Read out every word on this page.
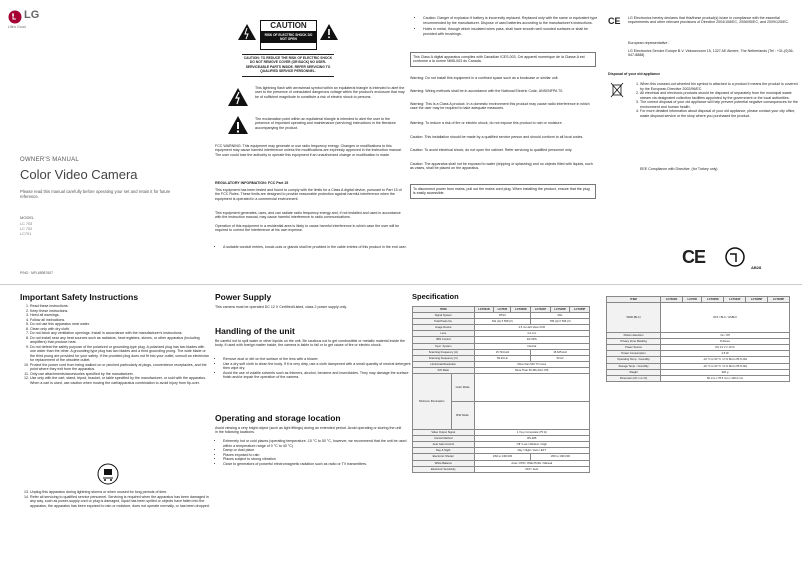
LG
Life's Good
OWNER'S MANUAL
Color Video Camera
Please read this manual carefully before operating your set and retain it for future reference.
MODEL
LC 703
LC 702
LC701
P/NO : MFL68987607
CAUTION
RISK OF ELECTRIC SHOCK DO NOT OPEN
CAUTION: TO REDUCE THE RISK OF ELECTRIC SHOCK DO NOT REMOVE COVER (OR BACK) NO USER-SERVICEABLE PARTS INSIDE. REFER SERVICING TO QUALIFIED SERVICE PERSONNEL.
This lightning flash with arrowhead symbol within an equilateral triangle is intended to alert the user to the presence of uninsulated dangerous voltage within the product's enclosure that may be of sufficient magnitude to constitute a risk of electric shock to persons.
The exclamation point within an equilateral triangle is intended to alert the user to the presence of important operating and maintenance (servicing) instructions in the literature accompanying the product.
FCC WARNING: This equipment may generate or use radio frequency energy. Changes or modifications to this equipment may cause harmful interference unless the modifications are expressly approved in the instruction manual. The user could lose the authority to operate this equipment if an unauthorized change or modification is made.
REGULATORY INFORMATION: FCC Part 15
This equipment has been tested and found to comply with the limits for a Class A digital device, pursuant to Part 15 of the FCC Rules. These limits are designed to provide reasonable protection against harmful interference when the equipment is operated in a commercial environment.
This equipment generates, uses, and can radiate radio frequency energy and, if not installed and used in accordance with the instruction manual, may cause harmful interference to radio communications.
Operation of this equipment in a residential area is likely to cause harmful interference in which case the user will be required to correct the interference at his own expense.
• A suitable conduit entries, knock-outs or glands shall be provided in the cable entries of this product in the end user.
• Caution: Danger of explosion if battery is incorrectly replaced. Replaced only with the same or equivalent type recommended by the manufacturer. Dispose of used batteries according to the manufacturer's instructions.
• Holes in metal, through which insulated wires pass, shall have smooth well rounded surfaces or shall be provided with brushings.
This Class A digital apparatus complies with Canadian ICES-003. Cet appareil numerique de la Classe A est conforme a la norme NMB-003 du Canada.
Warning: Do not install this equipment in a confined space such as a bookcase or similar unit.
Warning: Wiring methods shall be in accordance with the National Electric Code, ANSI/NFPA 70.
Warning: This is a Class A product. In a domestic environment this product may cause radio interference in which case the user may be required to take adequate measures.
Warning: To reduce a risk of fire or electric shock, do not expose this product to rain or moisture.
Caution: This installation should be made by a qualified service person and should conform to all local codes.
Caution: To avoid electrical shock, do not open the cabinet. Refer servicing to qualified personnel only.
Caution: The apparatus shall not be exposed to water (dripping or splashing) and no objects filled with liquids, such as vases, shall be placed on the apparatus.
To disconnect power from mains, pull out the mains cord plug. When installing the product, ensure that the plug is easily accessible.
CE LG Electronics hereby declares that this/these product(s) is/are in compliance with the essential requirements and other relevant provisions of Directive 2004/108/EC, 2006/95/EC, and 2009/125/EC.
European representative :
LG Electronics Service Europe B.V. Veluwezoom 15, 1327 AE Almere, The Netherlands (Tel : +31-(0)36-547-8888)
Disposal of your old appliance
1. When this crossed-out wheeled bin symbol is attached to a product it means the product is covered by the European Directive 2002/96/EC.
2. All electrical and electronic products should be disposed of separately from the municipal waste stream via designated collection facilities appointed by the government or the local authorities.
3. The correct disposal of your old appliance will help prevent potential negative consequences for the environment and human health.
4. For more detailed information about disposal of your old appliance, please contact your city office, waste disposal service or the shop where you purchased the product.
EEE Compliance with Directive. (for Turkey only)
CE
AB28
Important Safety Instructions
1. Read these instructions.
2. Keep these instructions.
3. Heed all warnings.
4. Follow all instructions.
5. Do not use this apparatus near water.
6. Clean only with dry cloth.
7. Do not block any ventilation openings. Install in accordance with the manufacturer's instructions.
8. Do not install near any heat sources such as radiators, heat registers, stoves, or other apparatus (including amplifiers) that produce heat.
9. Do not defeat the safety purpose of the polarized or grounding-type plug. A polarized plug has two blades with one wider than the other. A grounding type plug has two blades and a third grounding prong. The wide blade or the third prong are provided for your safety. If the provided plug does not fit into your outlet, consult an electrician for replacement of the obsolete outlet.
10. Protect the power cord from being walked on or pinched particularly at plugs, convenience receptacles, and the point where they exit from the apparatus.
11. Only use attachments/accessories specified by the manufacturer.
12. Use only with the cart, stand, tripod, bracket, or table specified by the manufacturer, or sold with the apparatus. When a cart is used, use caution when moving the cart/apparatus combination to avoid injury from tip-over.
13. Unplug this apparatus during lightning storms or when unused for long periods of time.
14. Refer all servicing to qualified service personnel. Servicing is required when the apparatus has been damaged in any way, such as power-supply cord or plug is damaged, liquid has been spilled or objects have fallen into the apparatus, the apparatus has been exposed to rain or moisture, does not operate normally, or has been dropped.
Power Supply
This camera must be operated DC 12 V Certified/Listed, class 2 power supply only.
Handling of the unit
Be careful not to spill water or other liquids on the unit. Be cautious not to get combustible or metallic material inside the body. If used with foreign matter inside, the camera is liable to fail or to get cause of fire or electric shock.
• Remove dust or dirt on the surface of the lens with a blower.
• Use a dry soft cloth to clean the body. If it is very dirty, use a cloth dampened with a small quantity of neutral detergent then wipe dry.
• Avoid the use of volatile solvents such as thinners, alcohol, benzene and insecticides. They may damage the surface finish and/or impair the operation of the camera.
Operating and storage location
Avoid viewing a very bright object (such as light fittings) during an extended period. Avoid operating or storing the unit in the following locations.
• Extremely hot or cold places (operating temperature -10 °C to 50 °C, however, we recommend that the unit be used within a temperature range of 0 °C to 40 °C)
• Damp or dust place
• Places exposed to rain
• Places subject to strong vibration
• Close to generators of powerful electromagnetic radiation such as radio or TV transmitters.
Specification
ITEM		LC7031R	LC7035	LC7035R	LC7031P	LC7026P	LC7035P
Signal System		NTSC			PAL		
Total Pixels No.		811 (H) X 508 (V)			795 (H) X 596 (V)		
Image Device		4.5 mm EX-View CCD					
Lens		4.2 mm					
IRIS Control		DC IRIS					
Sync. System		Internal					
Scanning Frequency (H)		15.734 kHz			15.625 kHz		
Scanning Frequency (V)		59.94 Hz			50 Hz		
Horizontal Resolution		More than 540 TV Lines					
S/N Ratio		More Than 50 dB (AGC Off)					
Minimum Illumination	Color Mode						
	B/W Mode						
Video Output Signal		1 Vp-p Composite (75 Ω)					
Control Method		RS-485					
Auto Gain Control		Off / Low / Medium / High					
Day & Night		Day / Night / Auto / EXT					
Electronic Shutter		1/60 to 1/90 000			1/50 to 1/90 000		
White Balance		Auto / ATW / ONE PUSH / Manual					
Electronic Sensitivity		OFF / Auto					
ITEM	LC7031R	LC7035	LC7035R	LC7031P	LC7026P	LC7035P
WDR (BLC)	OFF / BLC / HSBLC					
Motion detection	On / Off					
Privacy Zone Masking	8 Zones					
Power Source	DC 12 V ± 10 %					
Power Consumption	4.5 W					
Operating Temp. / Humidity	-10 °C to 50 °C / 0 % RH to 85 % RH					
Storage Temp. / Humidity	-20 °C to 60 °C / 0 % RH to 85 % RH					
Weight	320 g					
Dimension (W x H x D)	60 mm x 78.5 mm x 118.2 mm					
